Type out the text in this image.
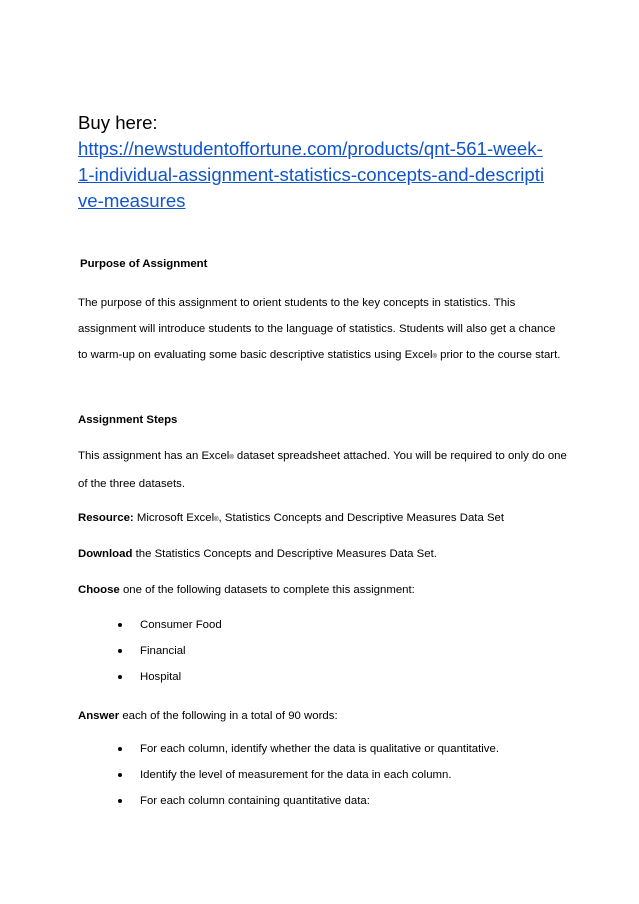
Buy here:

https://newstudentoffortune.com/products/qnt-561-week-
1-individual-assignment-statistics-concepts-and-descripti
ve-measures

Purpose of Assignment

The purpose of this assignment to orient students to the key concepts in statistics. This assignment will introduce students to the language of statistics. Students will also get a chance to warm-up on evaluating some basic descriptive statistics using Excel® prior to the course start.

Assignment Steps

This assignment has an Excel® dataset spreadsheet attached. You will be required to only do one of the three datasets.

Resource: Microsoft Excel®, Statistics Concepts and Descriptive Measures Data Set

Download the Statistics Concepts and Descriptive Measures Data Set.

Choose one of the following datasets to complete this assignment:

Consumer Food
Financial
Hospital

Answer each of the following in a total of 90 words:

For each column, identify whether the data is qualitative or quantitative.
Identify the level of measurement for the data in each column.
For each column containing quantitative data:
